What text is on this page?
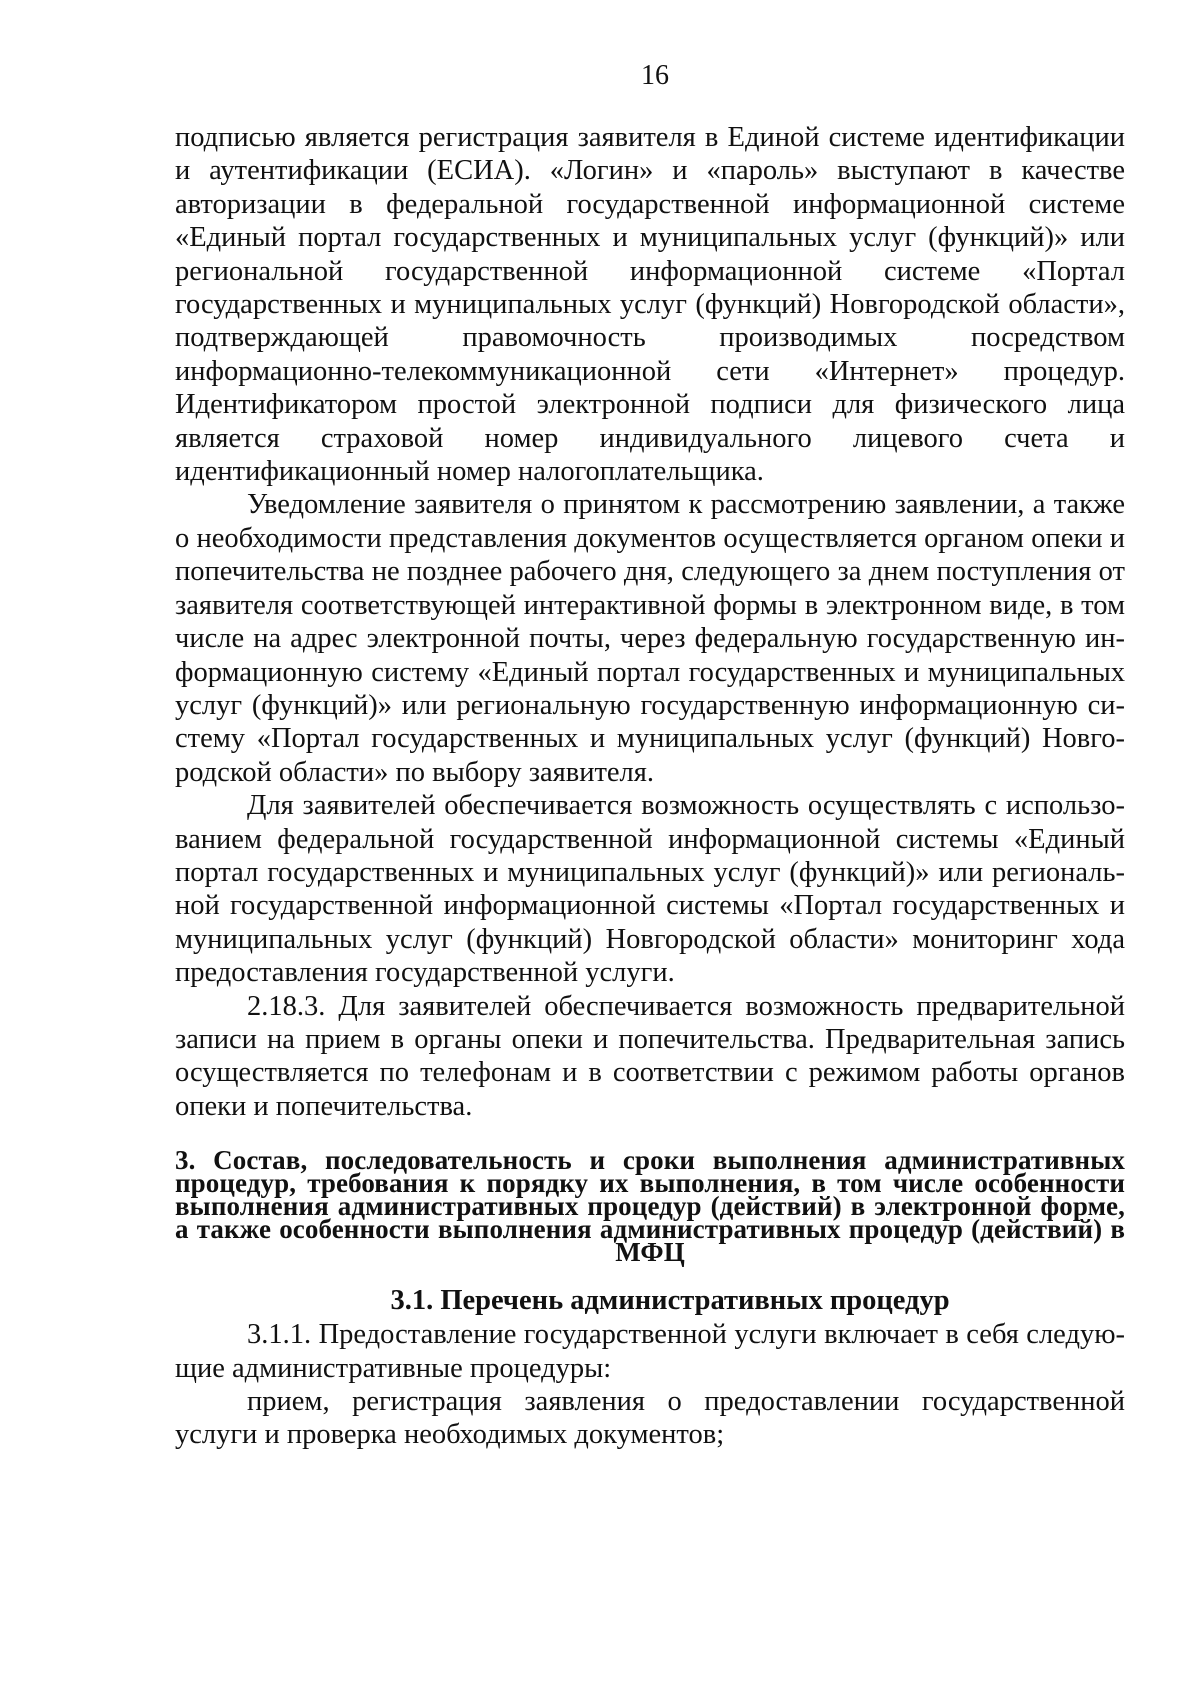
16

подписью является регистрация заявителя в Единой системе идентификации и аутентификации (ЕСИА). «Логин» и «пароль» выступают в качестве авторизации в федеральной государственной информационной системе «Единый портал государственных и муниципальных услуг (функций)» или региональной государственной информационной системе «Портал государственных и муниципальных услуг (функций) Новгородской области», подтверждающей правомочность производимых посредством информационно-телекоммуникационной сети «Интернет» процедур. Идентификатором простой электронной подписи для физического лица является страховой номер индивидуального лицевого счета и идентификационный номер налогоплательщика.

Уведомление заявителя о принятом к рассмотрению заявлении, а также о необходимости представления документов осуществляется органом опеки и попечительства не позднее рабочего дня, следующего за днем поступления от заявителя соответствующей интерактивной формы в электронном виде, в том числе на адрес электронной почты, через федеральную государственную информационную систему «Единый портал государственных и муниципальных услуг (функций)» или региональную государственную информационную систему «Портал государственных и муниципальных услуг (функций) Новгородской области» по выбору заявителя.

Для заявителей обеспечивается возможность осуществлять с использованием федеральной государственной информационной системы «Единый портал государственных и муниципальных услуг (функций)» или региональной государственной информационной системы «Портал государственных и муниципальных услуг (функций) Новгородской области» мониторинг хода предоставления государственной услуги.

2.18.3. Для заявителей обеспечивается возможность предварительной записи на прием в органы опеки и попечительства. Предварительная запись осуществляется по телефонам и в соответствии с режимом работы органов опеки и попечительства.

3. Состав, последовательность и сроки выполнения административных процедур, требования к порядку их выполнения, в том числе особенности выполнения административных процедур (действий) в электронной форме, а также особенности выполнения административных процедур (действий) в МФЦ
3.1. Перечень административных процедур

3.1.1. Предоставление государственной услуги включает в себя следующие административные процедуры:

прием, регистрация заявления о предоставлении государственной услуги и проверка необходимых документов;
